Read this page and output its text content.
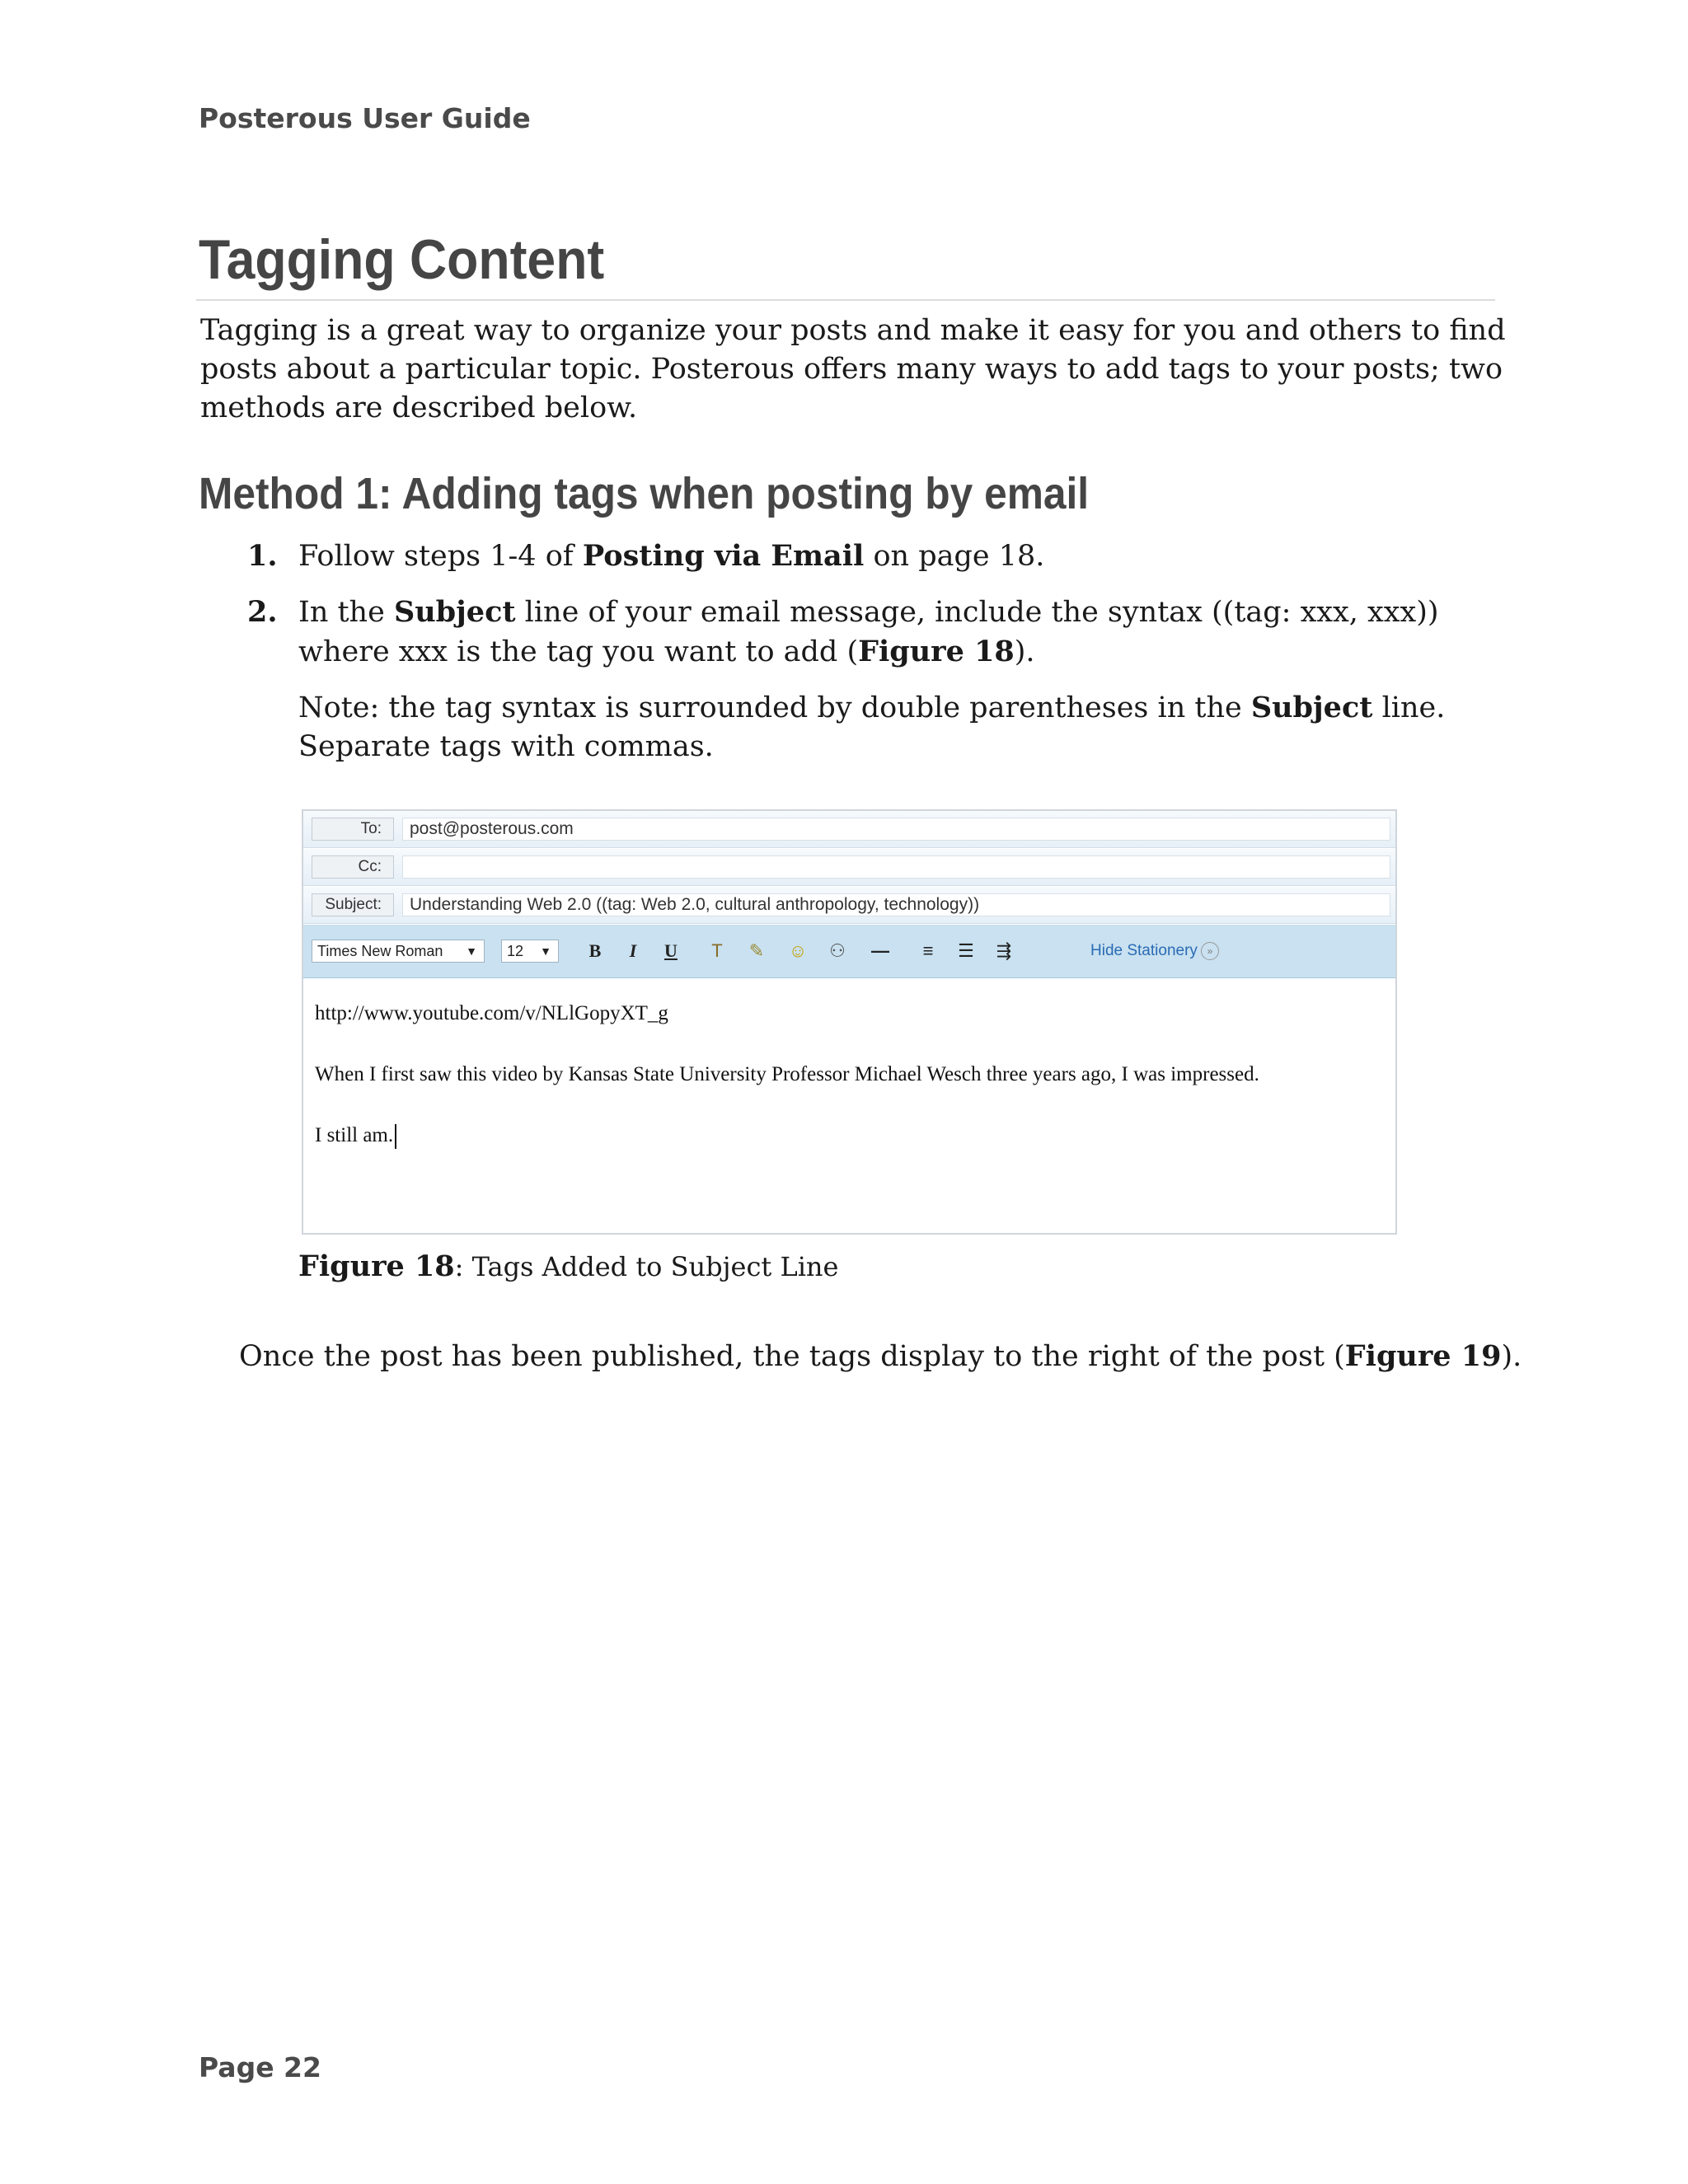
Posterous User Guide
Tagging Content
Tagging is a great way to organize your posts and make it easy for you and others to find posts about a particular topic. Posterous offers many ways to add tags to your posts; two methods are described below.
Method 1: Adding tags when posting by email
1. Follow steps 1-4 of Posting via Email on page 18.
2. In the Subject line of your email message, include the syntax ((tag: xxx, xxx)) where xxx is the tag you want to add (Figure 18).
Note: the tag syntax is surrounded by double parentheses in the Subject line. Separate tags with commas.
To:	post@posterous.com
Cc:
Subject:	Understanding Web 2.0 ((tag: Web 2.0, cultural anthropology, technology))
Times New Roman ▼	12 ▼	B	I	U	T	✎	☺ ⚇ —	≡	☰	⇶	Hide Stationery »
http://www.youtube.com/v/NLlGopyXT_g
When I first saw this video by Kansas State University Professor Michael Wesch three years ago, I was impressed.
I still am.
Figure 18: Tags Added to Subject Line
Once the post has been published, the tags display to the right of the post (Figure 19).
Page 22
